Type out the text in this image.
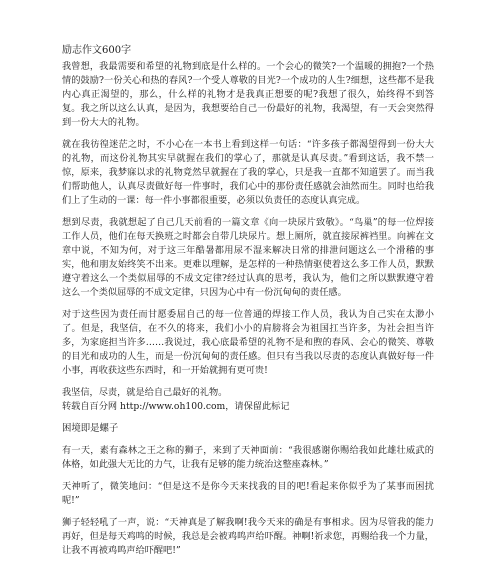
励志作文600字

我曾想，我最需要和希望的礼物到底是什么样的。一个会心的微笑?一个温暖的拥抱?一个热情的鼓励?一份关心和热的春风?一个受人尊敬的目光?一个成功的人生?细想，这些都不是我内心真正渴望的，那么，什么样的礼物才是我真正想要的呢?我想了很久，始终得不到答复。我之所以这么认真，是因为，我想要给自己一份最好的礼物，我渴望，有一天会突然得到一份大大的礼物。

就在我彷徨迷茫之时，不小心在一本书上看到这样一句话：“许多孩子都渴望得到一份大大的礼物，而这份礼物其实早就握在我们的掌心了，那就是认真尽责。”看到这话，我不禁一惊，原来，我梦寐以求的礼物竟然早就握在了我的掌心，只是我一直都不知道罢了。而当我们帮助他人，认真尽责做好每一件事时，我们心中的那份责任感就会油然而生。同时也给我们上了生动的一课：每一件小事都很重要，必须以负责任的态度认真完成。

想到尽责，我就想起了自己几天前看的一篇文章《向一块尿片致敬》。“鸟巢”的每一位焊接工作人员，他们在每天换班之时都会自带几块尿片。想上厕所，就直接尿裤裆里。向裤在文章中说，不知为何，对于这三年酷暑都用尿不湿来解决日常的排泄问题这么一个滑稽的事实，他和朋友始终笑不出来。更难以理解，是怎样的一种热情驱使着这么多工作人员，默默遵守着这么一个类似屈辱的不成文定律?经过认真的思考，我认为，他们之所以默默遵守着这么一个类似屈辱的不成文定律，只因为心中有一份沉甸甸的责任感。

对于这些因为责任而甘愿委屈自己的每一位普通的焊接工作人员，我认为自己实在太渺小了。但是，我坚信，在不久的将来，我们小小的肩膀将会为祖国扛当许多，为社会担当许多，为家庭担当许多……我说过，我心底最希望的礼物不是和煦的春风、会心的微笑、尊敬的目光和成功的人生，而是一份沉甸甸的责任感。但只有当我以尽责的态度认真做好每一件小事，再收获这些东西时，和一开始就拥有更可贵!

我坚信，尽责，就是给自己最好的礼物。

转载自百分网 http://www.oh100.com，请保留此标记

困境即是螺子

有一天，素有森林之王之称的狮子，来到了天神面前：“我很感谢你赐给我如此雄壮威武的体格，如此强大无比的力气，让我有足够的能力统治这整座森林。”

天神听了，微笑地问：“但是这不是你今天来找我的目的吧!看起来你似乎为了某事而困扰呢!”

狮子轻轻吼了一声，说：“天神真是了解我啊!我今天来的确是有事相求。因为尽管我的能力再好，但是每天鸡鸣的时候，我总是会被鸡鸣声给吓醒。神啊!祈求您，再赐给我一个力量，让我不再被鸡鸣声给吓醒吧!”
